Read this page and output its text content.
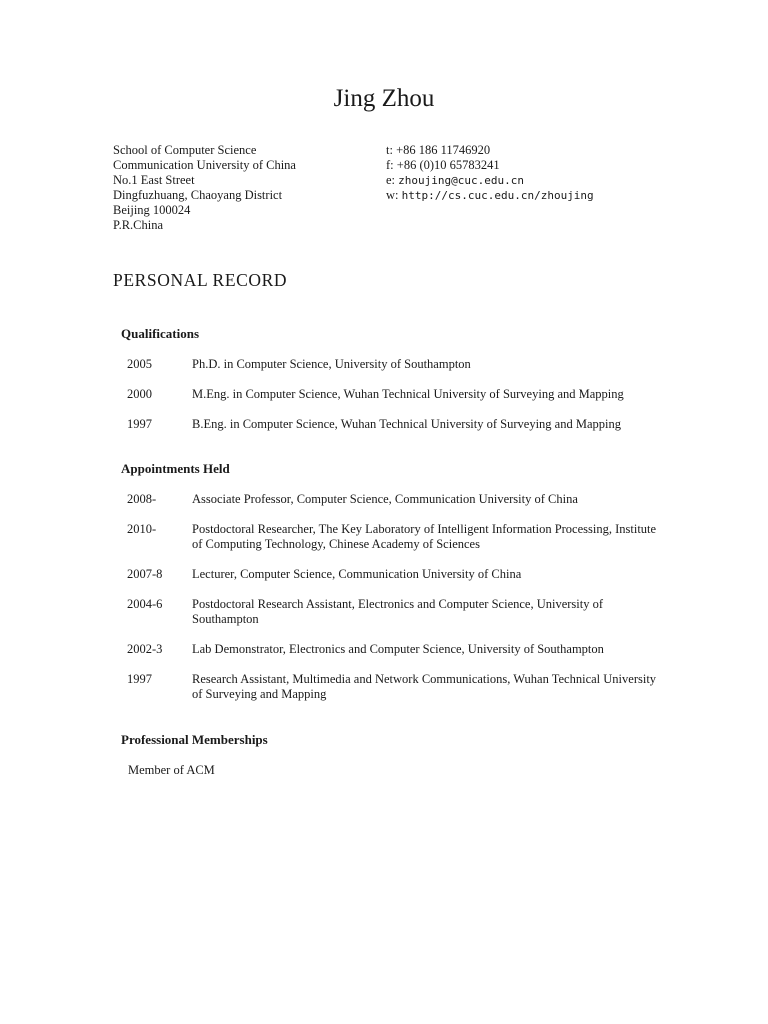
Jing Zhou
School of Computer Science
Communication University of China
No.1 East Street
Dingfuzhuang, Chaoyang District
Beijing 100024
P.R.China
t: +86 186 11746920
f: +86 (0)10 65783241
e: zhoujing@cuc.edu.cn
w: http://cs.cuc.edu.cn/zhoujing
PERSONAL RECORD
Qualifications
2005	Ph.D. in Computer Science, University of Southampton
2000	M.Eng. in Computer Science, Wuhan Technical University of Surveying and Mapping
1997	B.Eng. in Computer Science, Wuhan Technical University of Surveying and Mapping
Appointments Held
2008-	Associate Professor, Computer Science, Communication University of China
2010-	Postdoctoral Researcher, The Key Laboratory of Intelligent Information Processing, Institute of Computing Technology, Chinese Academy of Sciences
2007-8	Lecturer, Computer Science, Communication University of China
2004-6	Postdoctoral Research Assistant, Electronics and Computer Science, University of Southampton
2002-3	Lab Demonstrator, Electronics and Computer Science, University of Southampton
1997	Research Assistant, Multimedia and Network Communications, Wuhan Technical University of Surveying and Mapping
Professional Memberships
Member of ACM
